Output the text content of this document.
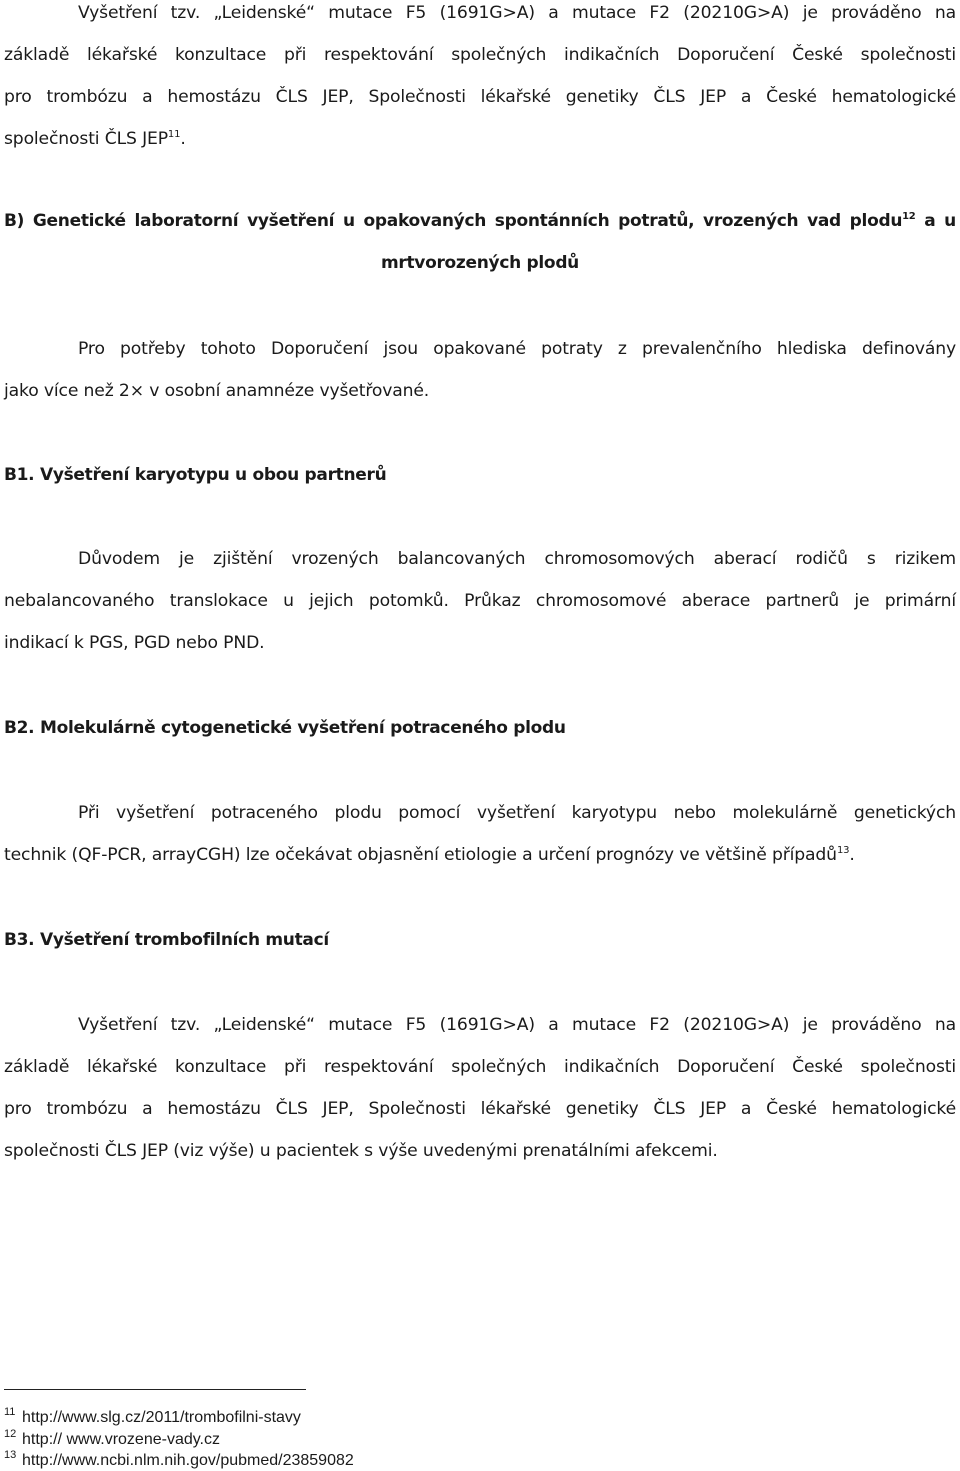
Vyšetření tzv. „Leidenské“ mutace F5 (1691G>A) a mutace F2 (20210G>A) je prováděno na

základě lékařské konzultace při respektování společných indikačních Doporučení České společnosti

pro trombózu a hemostázu ČLS JEP, Společnosti lékařské genetiky ČLS JEP a České hematologické

společnosti ČLS JEP$^{11}$.

B) Genetické laboratorní vyšetření u opakovaných spontánních potratů, vrozených vad plodu$^{12}$ a u

mrtvorozených plodů

Pro potřeby tohoto Doporučení jsou opakované potraty z prevalenčního hlediska definovány

jako více než 2× v osobní anamnéze vyšetřované.

B1. Vyšetření karyotypu u obou partnerů

Důvodem je zjištění vrozených balancovaných chromosomových aberací rodičů s rizikem

nebalancovaného translokace u jejich potomků. Průkaz chromosomové aberace partnerů je primární

indikací k PGS, PGD nebo PND.

B2. Molekulárně cytogenetické vyšetření potraceného plodu

Při vyšetření potraceného plodu pomocí vyšetření karyotypu nebo molekulárně genetických

technik (QF-PCR, arrayCGH) lze očekávat objasnění etiologie a určení prognózy ve většině případů$^{13}$.

B3. Vyšetření trombofilních mutací

Vyšetření tzv. „Leidenské“ mutace F5 (1691G>A) a mutace F2 (20210G>A) je prováděno na

základě lékařské konzultace při respektování společných indikačních Doporučení České společnosti

pro trombózu a hemostázu ČLS JEP, Společnosti lékařské genetiky ČLS JEP a České hematologické

společnosti ČLS JEP (viz výše) u pacientek s výše uvedenými prenatálními afekcemi.

11 http://www.slg.cz/2011/trombofilni-stavy
12 http:// www.vrozene-vady.cz
13 http://www.ncbi.nlm.nih.gov/pubmed/23859082
